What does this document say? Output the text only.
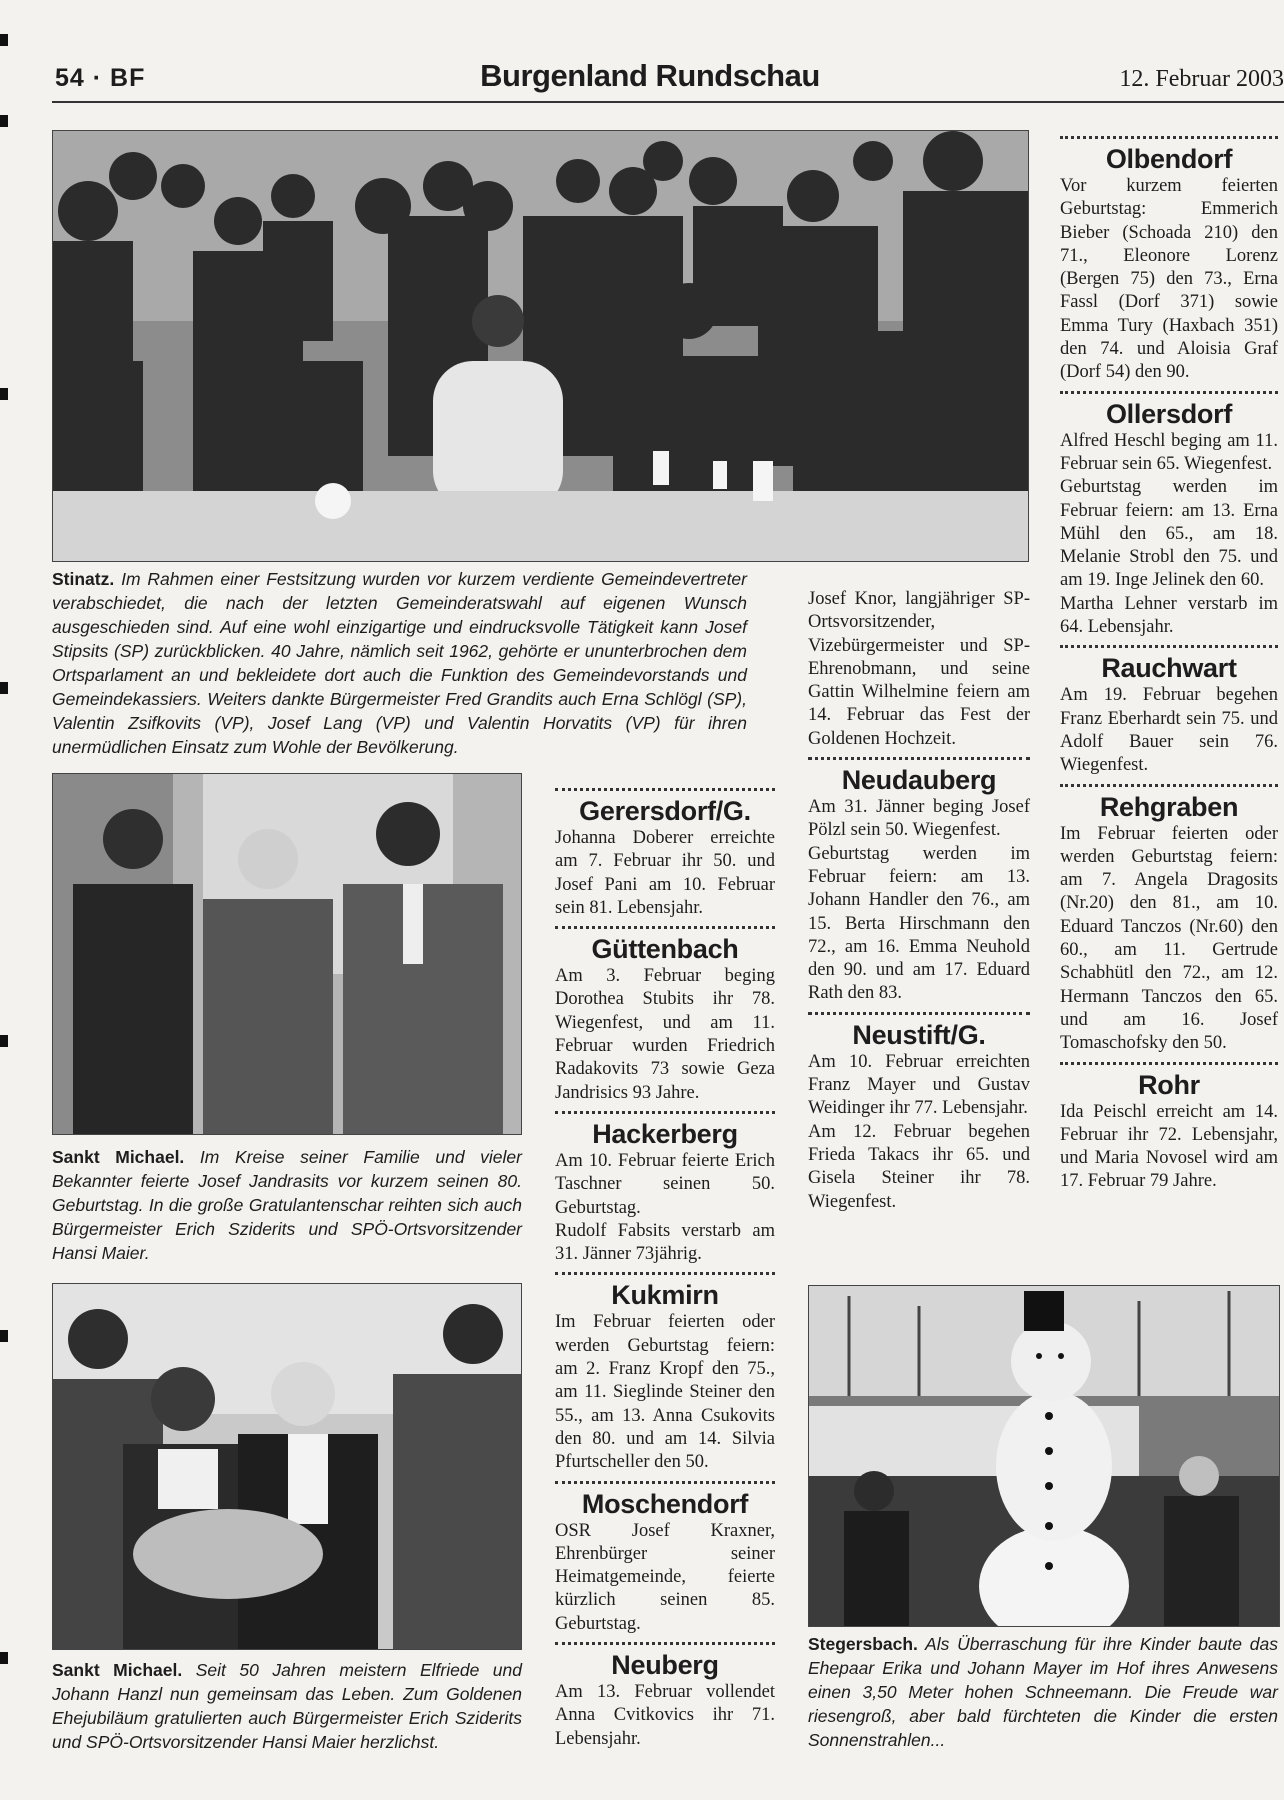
54 · BF	Burgenland Rundschau	12. Februar 2003
Stinatz. Im Rahmen einer Festsitzung wurden vor kurzem verdiente Gemeindevertreter verabschiedet, die nach der letzten Gemeinderatswahl auf eigenen Wunsch ausgeschieden sind. Auf eine wohl einzigartige und eindrucksvolle Tätigkeit kann Josef Stipsits (SP) zurückblicken. 40 Jahre, nämlich seit 1962, gehörte er ununterbrochen dem Ortsparlament an und bekleidete dort auch die Funktion des Gemeindevorstands und Gemeindekassiers. Weiters dankte Bürgermeister Fred Grandits auch Erna Schlögl (SP), Valentin Zsifkovits (VP), Josef Lang (VP) und Valentin Horvatits (VP) für ihren unermüdlichen Einsatz zum Wohle der Bevölkerung.
Sankt Michael. Im Kreise seiner Familie und vieler Bekannter feierte Josef Jandrasits vor kurzem seinen 80. Geburtstag. In die große Gratulantenschar reihten sich auch Bürgermeister Erich Sziderits und SPÖ-Ortsvorsitzender Hansi Maier.
Sankt Michael. Seit 50 Jahren meistern Elfriede und Johann Hanzl nun gemeinsam das Leben. Zum Goldenen Ehejubiläum gratulierten auch Bürgermeister Erich Sziderits und SPÖ-Ortsvorsitzender Hansi Maier herzlichst.
Gerersdorf/G.

Johanna Doberer erreichte am 7. Februar ihr 50. und Josef Pani am 10. Februar sein 81. Lebensjahr.

Güttenbach

Am 3. Februar beging Dorothea Stubits ihr 78. Wiegenfest, und am 11. Februar wurden Friedrich Radakovits 73 sowie Geza Jandrisics 93 Jahre.

Hackerberg

Am 10. Februar feierte Erich Taschner seinen 50. Geburtstag.

Rudolf Fabsits verstarb am 31. Jänner 73jährig.

Kukmirn

Im Februar feierten oder werden Geburtstag feiern: am 2. Franz Kropf den 75., am 11. Sieglinde Steiner den 55., am 13. Anna Csukovits den 80. und am 14. Silvia Pfurtscheller den 50.

Moschendorf

OSR Josef Kraxner, Ehrenbürger seiner Heimatgemeinde, feierte kürzlich seinen 85. Geburtstag.

Neuberg

Am 13. Februar vollendet Anna Cvitkovics ihr 71. Lebensjahr.

Josef Knor, langjähriger SP-Ortsvorsitzender, Vizebürgermeister und SP-Ehrenobmann, und seine Gattin Wilhelmine feiern am 14. Februar das Fest der Goldenen Hochzeit.

Neudauberg

Am 31. Jänner beging Josef Pölzl sein 50. Wiegenfest.

Geburtstag werden im Februar feiern: am 13. Johann Handler den 76., am 15. Berta Hirschmann den 72., am 16. Emma Neuhold den 90. und am 17. Eduard Rath den 83.

Neustift/G.

Am 10. Februar erreichten Franz Mayer und Gustav Weidinger ihr 77. Lebensjahr.

Am 12. Februar begehen Frieda Takacs ihr 65. und Gisela Steiner ihr 78. Wiegenfest.

Olbendorf

Vor kurzem feierten Geburtstag: Emmerich Bieber (Schoada 210) den 71., Eleonore Lorenz (Bergen 75) den 73., Erna Fassl (Dorf 371) sowie Emma Tury (Haxbach 351) den 74. und Aloisia Graf (Dorf 54) den 90.

Ollersdorf

Alfred Heschl beging am 11. Februar sein 65. Wiegenfest.

Geburtstag werden im Februar feiern: am 13. Erna Mühl den 65., am 18. Melanie Strobl den 75. und am 19. Inge Jelinek den 60.

Martha Lehner verstarb im 64. Lebensjahr.

Rauchwart

Am 19. Februar begehen Franz Eberhardt sein 75. und Adolf Bauer sein 76. Wiegenfest.

Rehgraben

Im Februar feierten oder werden Geburtstag feiern: am 7. Angela Dragosits (Nr.20) den 81., am 10. Eduard Tanczos (Nr.60) den 60., am 11. Gertrude Schabhütl den 72., am 12. Hermann Tanczos den 65. und am 16. Josef Tomaschofsky den 50.

Rohr

Ida Peischl erreicht am 14. Februar ihr 72. Lebensjahr, und Maria Novosel wird am 17. Februar 79 Jahre.

Stegersbach. Als Überraschung für ihre Kinder baute das Ehepaar Erika und Johann Mayer im Hof ihres Anwesens einen 3,50 Meter hohen Schneemann. Die Freude war riesengroß, aber bald fürchteten die Kinder die ersten Sonnenstrahlen...
